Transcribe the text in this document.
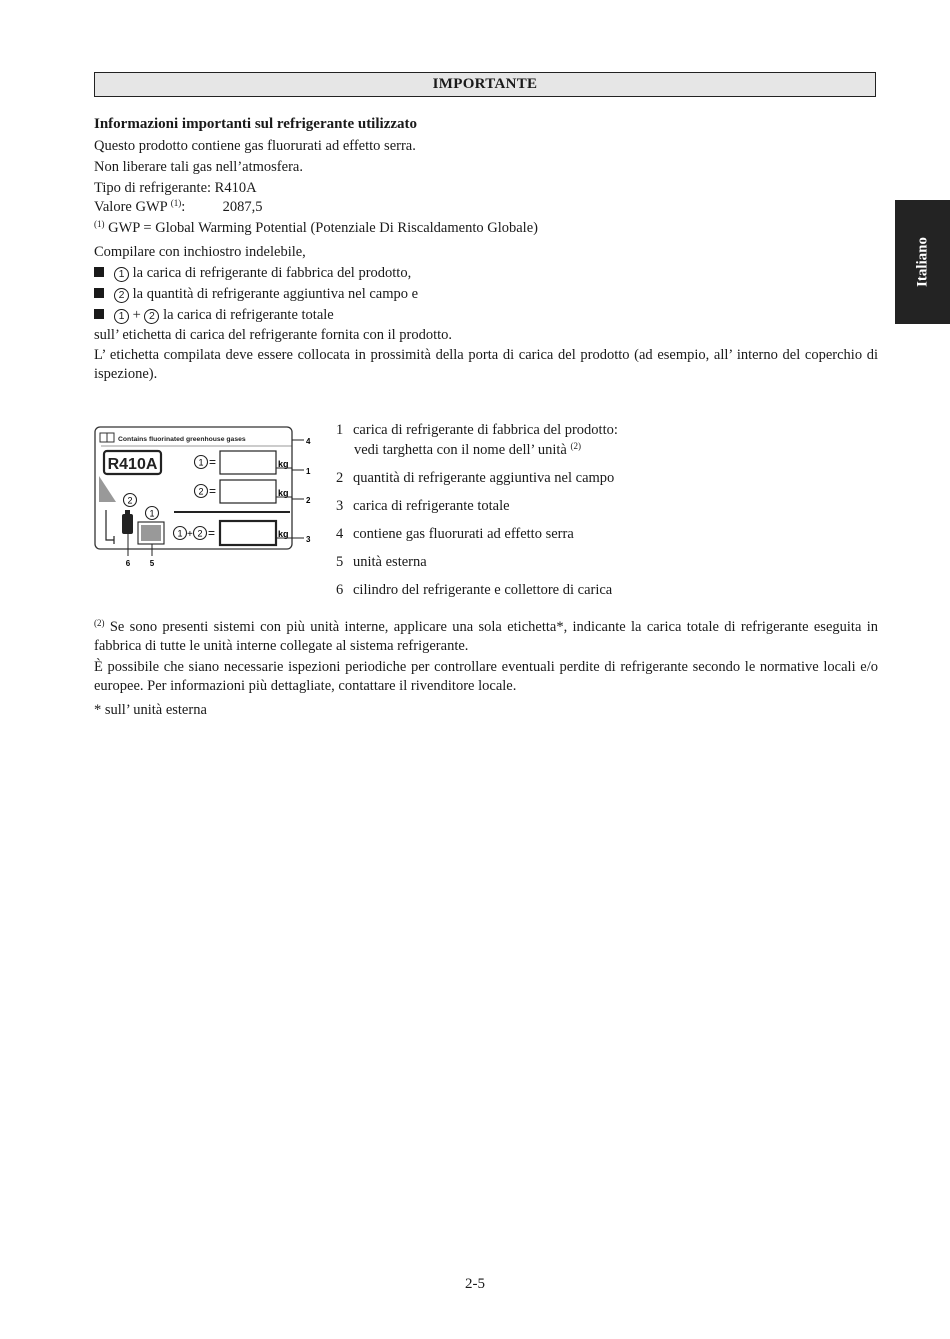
IMPORTANTE
Italiano
Informazioni importanti sul refrigerante utilizzato
Questo prodotto contiene gas fluorurati ad effetto serra.
Non liberare tali gas nell’atmosfera.
Tipo di refrigerante: R410A
Valore GWP $^{(1)}$:	2087,5
$^{(1)}$ GWP = Global Warming Potential (Potenziale Di Riscaldamento Globale)
Compilare con inchiostro indelebile,
1 la carica di refrigerante di fabbrica del prodotto,
2 la quantità di refrigerante aggiuntiva nel campo e
1 + 2 la carica di refrigerante totale
sull’ etichetta di carica del refrigerante fornita con il prodotto.
L’ etichetta compilata deve essere collocata in prossimità della porta di carica del prodotto (ad esempio, all’ interno del coperchio di ispezione).
Contains fluorinated greenhouse gases
R410A	1 =	kg
2 =	kg
1 + 2 =	kg
2
1
4
1
2
3
6 5
1 carica di refrigerante di fabbrica del prodotto:
vedi targhetta con il nome dell’ unità $^{(2)}$
2 quantità di refrigerante aggiuntiva nel campo
3 carica di refrigerante totale
4 contiene gas fluorurati ad effetto serra
5 unità esterna
6 cilindro del refrigerante e collettore di carica
$^{(2)}$ Se sono presenti sistemi con più unità interne, applicare una sola etichetta*, indicante la carica totale di refrigerante eseguita in fabbrica di tutte le unità interne collegate al sistema refrigerante.
È possibile che siano necessarie ispezioni periodiche per controllare eventuali perdite di refrigerante secondo le normative locali e/o europee. Per informazioni più dettagliate, contattare il rivenditore locale.
* sull’ unità esterna
2-5
